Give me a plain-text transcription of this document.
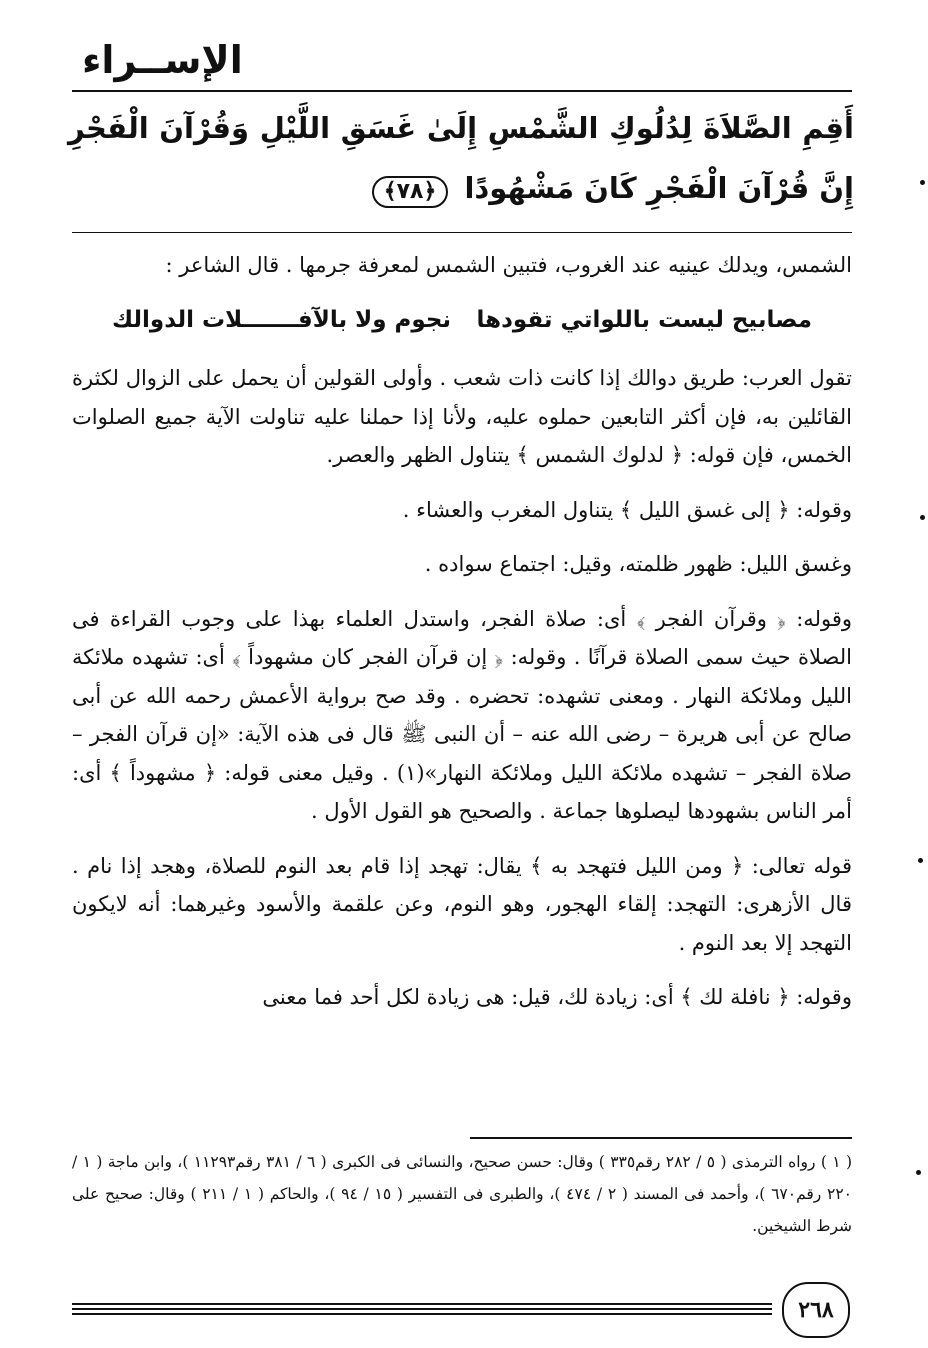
الإســراء
أَقِمِ الصَّلاَةَ لِدُلُوكِ الشَّمْسِ إِلَىٰ غَسَقِ اللَّيْلِ وَقُرْآنَ الْفَجْرِ إِنَّ قُرْآنَ الْفَجْرِ كَانَ مَشْهُودًا ﴿٧٨﴾

الشمس، ويدلك عينيه عند الغروب، فتبين الشمس لمعرفة جرمها . قال الشاعر :

مصابيح ليست باللواتي تقودها
نجوم ولا بالآفـــــــلات الدوالك

تقول العرب: طريق دوالك إذا كانت ذات شعب . وأولى القولين أن يحمل على الزوال لكثرة القائلين به، فإن أكثر التابعين حملوه عليه، ولأنا إذا حملنا عليه تناولت الآية جميع الصلوات الخمس، فإن قوله: ﴿ لدلوك الشمس ﴾ يتناول الظهر والعصر.

وقوله: ﴿ إلى غسق الليل ﴾ يتناول المغرب والعشاء .

وغسق الليل: ظهور ظلمته، وقيل: اجتماع سواده .

وقوله: ﴿ وقرآن الفجر ﴾ أى: صلاة الفجر، واستدل العلماء بهذا على وجوب القراءة فى الصلاة حيث سمى الصلاة قرآنًا . وقوله: ﴿ إن قرآن الفجر كان مشهوداً ﴾ أى: تشهده ملائكة الليل وملائكة النهار . ومعنى تشهده: تحضره . وقد صح برواية الأعمش رحمه الله عن أبى صالح عن أبى هريرة – رضى الله عنه – أن النبى ﷺ قال فى هذه الآية: «إن قرآن الفجر – صلاة الفجر – تشهده ملائكة الليل وملائكة النهار»(١) . وقيل معنى قوله: ﴿ مشهوداً ﴾ أى: أمر الناس بشهودها ليصلوها جماعة . والصحيح هو القول الأول .

قوله تعالى: ﴿ ومن الليل فتهجد به ﴾ يقال: تهجد إذا قام بعد النوم للصلاة، وهجد إذا نام . قال الأزهرى: التهجد: إلقاء الهجور، وهو النوم، وعن علقمة والأسود وغيرهما: أنه لايكون التهجد إلا بعد النوم .

وقوله: ﴿ نافلة لك ﴾ أى: زيادة لك، قيل: هى زيادة لكل أحد فما معنى

( ١ ) رواه الترمذى ( ٥ / ٢٨٢ رقم٣٣٥ ) وقال: حسن صحيح، والنسائى فى الكبرى ( ٦ / ٣٨١ رقم١١٢٩٣ )، وابن ماجة ( ١ / ٢٢٠ رقم٦٧٠ )، وأحمد فى المسند ( ٢ / ٤٧٤ )، والطبرى فى التفسير ( ١٥ / ٩٤ )، والحاكم ( ١ / ٢١١ ) وقال: صحيح على شرط الشيخين.

٢٦٨
